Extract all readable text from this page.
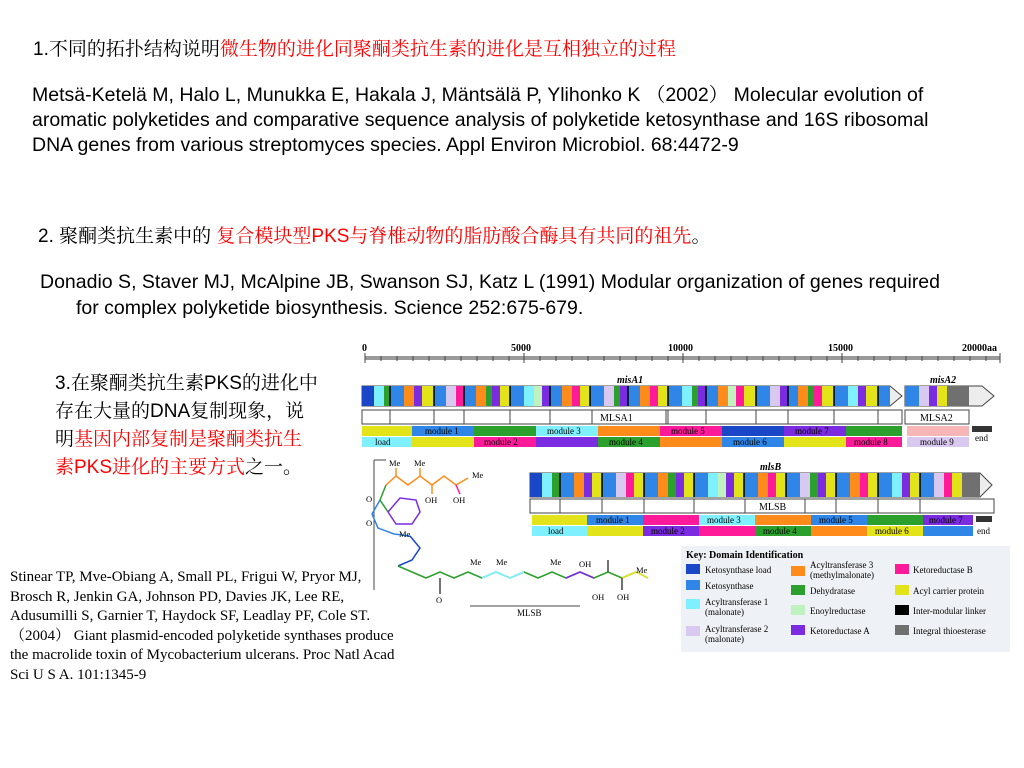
1.不同的拓扑结构说明微生物的进化同聚酮类抗生素的进化是互相独立的过程
Metsä-Ketelä M, Halo L, Munukka E, Hakala J, Mäntsälä P, Ylihonko K （2002） Molecular evolution of aromatic polyketides and comparative sequence analysis of polyketide ketosynthase and 16S ribosomal DNA genes from various streptomyces species. Appl Environ Microbiol. 68:4472-9
2. 聚酮类抗生素中的 复合模块型PKS与脊椎动物的脂肪酸合酶具有共同的祖先。
Donadio S, Staver MJ, McAlpine JB, Swanson SJ, Katz L (1991) Modular organization of genes required for complex polyketide biosynthesis. Science 252:675-679.
3.在聚酮类抗生素PKS的进化中存在大量的DNA复制现象，说明基因内部复制是聚酮类抗生素PKS进化的主要方式之一。
Stinear TP, Mve-Obiang A, Small PL, Frigui W, Pryor MJ, Brosch R, Jenkin GA, Johnson PD, Davies JK, Lee RE, Adusumilli S, Garnier T, Haydock SF, Leadlay PF, Cole ST. （2004） Giant plasmid-encoded polyketide synthases produce the macrolide toxin of Mycobacterium ulcerans. Proc Natl Acad Sci U S A. 101:1345-9
0	5000	10000	15000	20000aa
misA1	misA2
mlsB
MLSA1	MLSA2
load
module 1
module 2
module 3
module 4
module 5
module 6
module 7
module 8	module 9 end
MLSB
load
module 1
module 2
module 3
module 4
module 5
module 6
module 7
end
Me Me
Me
OH OH
O
O
Me
O
Me Me	Me OH
Me
OH OH
MLSB
Key: Domain Identification
Ketosynthase load
Ketosynthase
Acyltransferase 1
(malonate)
Acyltransferase 2
(malonate)
Acyltransferase 3
(methylmalonate)
Dehydratase
Enoylreductase
Ketoreductase A
Ketoreductase B
Acyl carrier protein
Inter-modular linker
Integral thioesterase
